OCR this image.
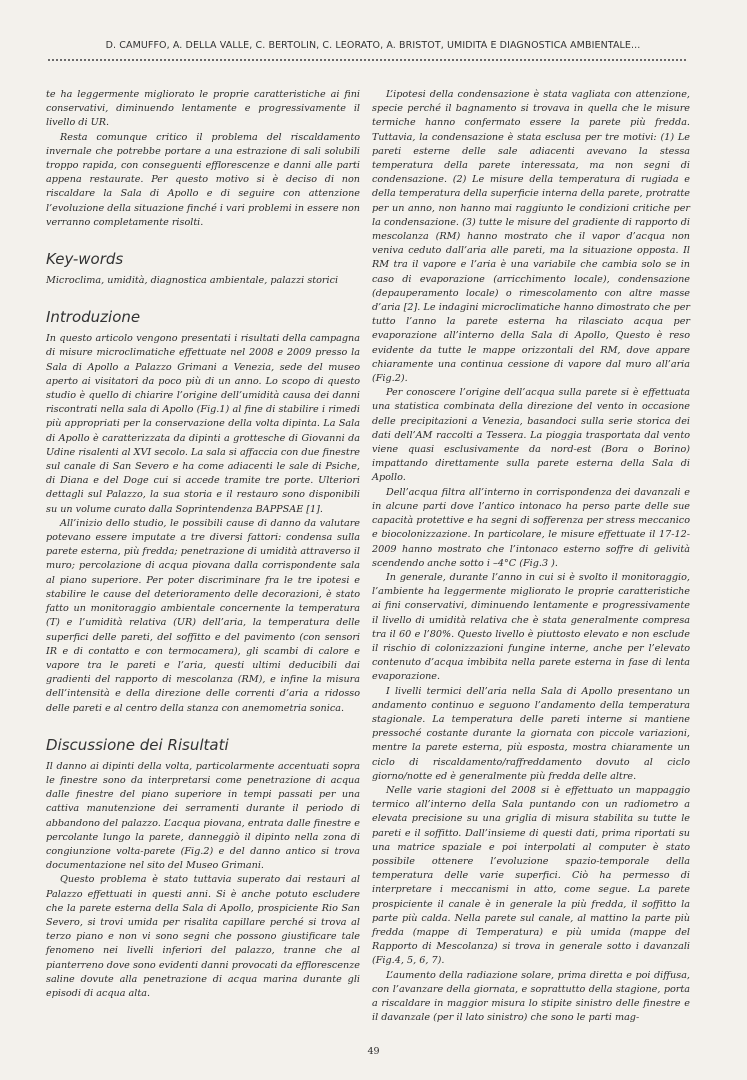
D. CAMUFFO, A. DELLA VALLE, C. BERTOLIN, C. LEORATO, A. BRISTOT, UMIDITÀ E DIAGNOSTICA AMBIENTALE...

te ha leggermente migliorato le proprie caratteristiche ai fini conservativi, diminuendo lentamente e progressivamente il livello di UR.

Resta comunque critico il problema del riscaldamento invernale che potrebbe portare a una estrazione di sali solubili troppo rapida, con conseguenti efflorescenze e danni alle parti appena restaurate. Per questo motivo si è deciso di non riscaldare la Sala di Apollo e di seguire con attenzione l’evoluzione della situazione finché i vari problemi in essere non verranno completamente risolti.

Key-words

Microclima, umidità, diagnostica ambientale, palazzi storici

Introduzione

In questo articolo vengono presentati i risultati della campagna di misure microclimatiche effettuate nel 2008 e 2009 presso la Sala di Apollo a Palazzo Grimani a Venezia, sede del museo aperto ai visitatori da poco più di un anno. Lo scopo di questo studio è quello di chiarire l’origine dell’umidità causa dei danni riscontrati nella sala di Apollo (Fig.1) al fine di stabilire i rimedi più appropriati per la conservazione della volta dipinta. La Sala di Apollo è caratterizzata da dipinti a grottesche di Giovanni da Udine risalenti al XVI secolo. La sala si affaccia con due finestre sul canale di San Severo e ha come adiacenti le sale di Psiche, di Diana e del Doge cui si accede tramite tre porte. Ulteriori dettagli sul Palazzo, la sua storia e il restauro sono disponibili su un volume curato dalla Soprintendenza BAPPSAE [1].

All’inizio dello studio, le possibili cause di danno da valutare potevano essere imputate a tre diversi fattori: condensa sulla parete esterna, più fredda; penetrazione di umidità attraverso il muro; percolazione di acqua piovana dalla corrispondente sala al piano superiore. Per poter discriminare fra le tre ipotesi e stabilire le cause del deterioramento delle decorazioni, è stato fatto un monitoraggio ambientale concernente la temperatura (T) e l’umidità relativa (UR) dell’aria, la temperatura delle superfici delle pareti, del soffitto e del pavimento (con sensori IR e di contatto e con termocamera), gli scambi di calore e vapore tra le pareti e l’aria, questi ultimi deducibili dai gradienti del rapporto di mescolanza (RM), e infine la misura dell’intensità e della direzione delle correnti d’aria a ridosso delle pareti e al centro della stanza con anemometria sonica.

Discussione dei Risultati

Il danno ai dipinti della volta, particolarmente accentuati sopra le finestre sono da interpretarsi come penetrazione di acqua dalle finestre del piano superiore in tempi passati per una cattiva manutenzione dei serramenti durante il periodo di abbandono del palazzo. L’acqua piovana, entrata dalle finestre e percolante lungo la parete, danneggiò il dipinto nella zona di congiunzione volta-parete (Fig.2) e del danno antico si trova documentazione nel sito del Museo Grimani.

Questo problema è stato tuttavia superato dai restauri al Palazzo effettuati in questi anni. Si è anche potuto escludere che la parete esterna della Sala di Apollo, prospiciente Rio San Severo, si trovi umida per risalita capillare perché si trova al terzo piano e non vi sono segni che possono giustificare tale fenomeno nei livelli inferiori del palazzo, tranne che al pianterreno dove sono evidenti danni provocati da efflorescenze saline dovute alla penetrazione di acqua marina durante gli episodi di acqua alta.

L’ipotesi della condensazione è stata vagliata con attenzione, specie perché il bagnamento si trovava in quella che le misure termiche hanno confermato essere la parete più fredda. Tuttavia, la condensazione è stata esclusa per tre motivi: (1) Le pareti esterne delle sale adiacenti avevano la stessa temperatura della parete interessata, ma non segni di condensazione. (2) Le misure della temperatura di rugiada e della temperatura della superficie interna della parete, protratte per un anno, non hanno mai raggiunto le condizioni critiche per la condensazione. (3) tutte le misure del gradiente di rapporto di mescolanza (RM) hanno mostrato che il vapor d’acqua non veniva ceduto dall’aria alle pareti, ma la situazione opposta. Il RM tra il vapore e l’aria è una variabile che cambia solo se in caso di evaporazione (arricchimento locale), condensazione (depauperamento locale) o rimescolamento con altre masse d’aria [2]. Le indagini microclimatiche hanno dimostrato che per tutto l’anno la parete esterna ha rilasciato acqua per evaporazione all’interno della Sala di Apollo, Questo è reso evidente da tutte le mappe orizzontali del RM, dove appare chiaramente una continua cessione di vapore dal muro all’aria (Fig.2).

Per conoscere l’origine dell’acqua sulla parete si è effettuata una statistica combinata della direzione del vento in occasione delle precipitazioni a Venezia, basandoci sulla serie storica dei dati dell’AM raccolti a Tessera. La pioggia trasportata dal vento viene quasi esclusivamente da nord-est (Bora o Borino) impattando direttamente sulla parete esterna della Sala di Apollo.

Dell’acqua filtra all’interno in corrispondenza dei davanzali e in alcune parti dove l’antico intonaco ha perso parte delle sue capacità protettive e ha segni di sofferenza per stress meccanico e biocolonizzazione. In particolare, le misure effettuate il 17-12-2009 hanno mostrato che l’intonaco esterno soffre di gelività scendendo anche sotto i –4°C (Fig.3 ).

In generale, durante l’anno in cui si è svolto il monitoraggio, l’ambiente ha leggermente migliorato le proprie caratteristiche ai fini conservativi, diminuendo lentamente e progressivamente il livello di umidità relativa che è stata generalmente compresa tra il 60 e l’80%. Questo livello è piuttosto elevato e non esclude il rischio di colonizzazioni fungine interne, anche per l’elevato contenuto d’acqua imbibita nella parete esterna in fase di lenta evaporazione.

I livelli termici dell’aria nella Sala di Apollo presentano un andamento continuo e seguono l’andamento della temperatura stagionale. La temperatura delle pareti interne si mantiene pressoché costante durante la giornata con piccole variazioni, mentre la parete esterna, più esposta, mostra chiaramente un ciclo di riscaldamento/raffreddamento dovuto al ciclo giorno/notte ed è generalmente più fredda delle altre.

Nelle varie stagioni del 2008 si è effettuato un mappaggio termico all’interno della Sala puntando con un radiometro a elevata precisione su una griglia di misura stabilita su tutte le pareti e il soffitto. Dall’insieme di questi dati, prima riportati su una matrice spaziale e poi interpolati al computer è stato possibile ottenere l’evoluzione spazio-temporale della temperatura delle varie superfici. Ciò ha permesso di interpretare i meccanismi in atto, come segue. La parete prospiciente il canale è in generale la più fredda, il soffitto la parte più calda. Nella parete sul canale, al mattino la parte più fredda (mappe di Temperatura) e più umida (mappe del Rapporto di Mescolanza) si trova in generale sotto i davanzali (Fig.4, 5, 6, 7).

L’aumento della radiazione solare, prima diretta e poi diffusa, con l’avanzare della giornata, e soprattutto della stagione, porta a riscaldare in maggior misura lo stipite sinistro delle finestre e il davanzale (per il lato sinistro) che sono le parti mag-

49
